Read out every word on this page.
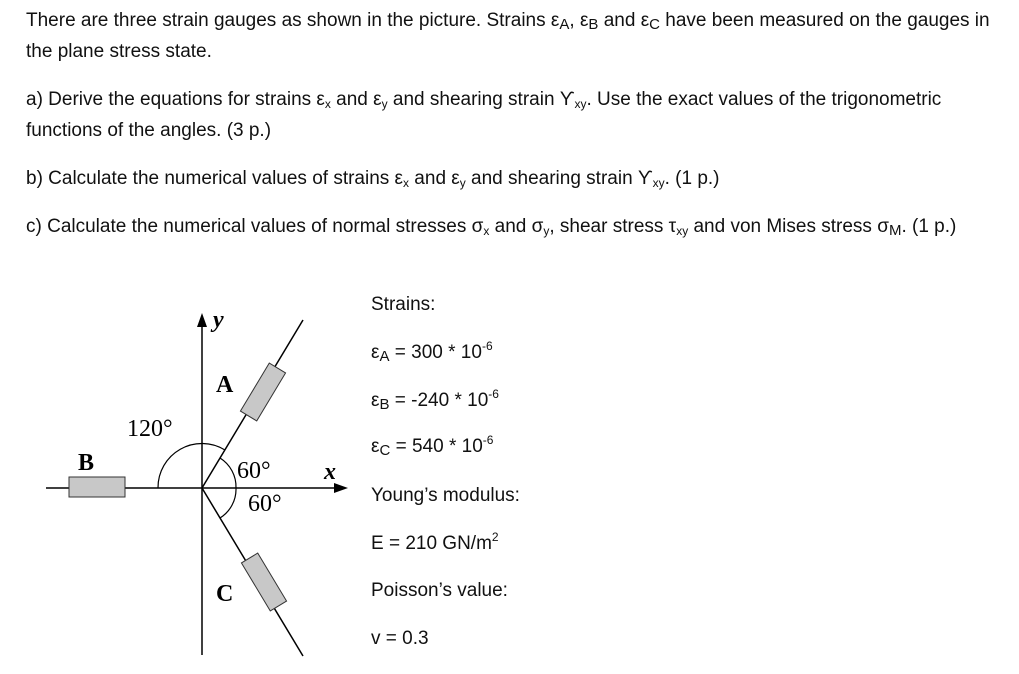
There are three strain gauges as shown in the picture. Strains $\varepsilon_A$, $\varepsilon_B$ and $\varepsilon_C$ have been measured on the gauges in the plane stress state.

a) Derive the equations for strains $\varepsilon_x$ and $\varepsilon_y$ and shearing strain $ϒ_{xy}$. Use the exact values of the trigonometric functions of the angles. (3 p.)

b) Calculate the numerical values of strains $\varepsilon_x$ and $\varepsilon_y$ and shearing strain $ϒ_{xy}$. (1 p.)

c) Calculate the numerical values of normal stresses $\sigma_x$ and $\sigma_y$, shear stress $\tau_{xy}$ and von Mises stress $\sigma_M$. (1 p.)

y
x
A
B
C
120°
60°
60°

Strains:

$\varepsilon_A = 300 * 10^{-6}$

$\varepsilon_B = -240 * 10^{-6}$

$\varepsilon_C = 540 * 10^{-6}$

Young’s modulus:

E = 210 $GN/m^2$

Poisson’s value:

v = 0.3
